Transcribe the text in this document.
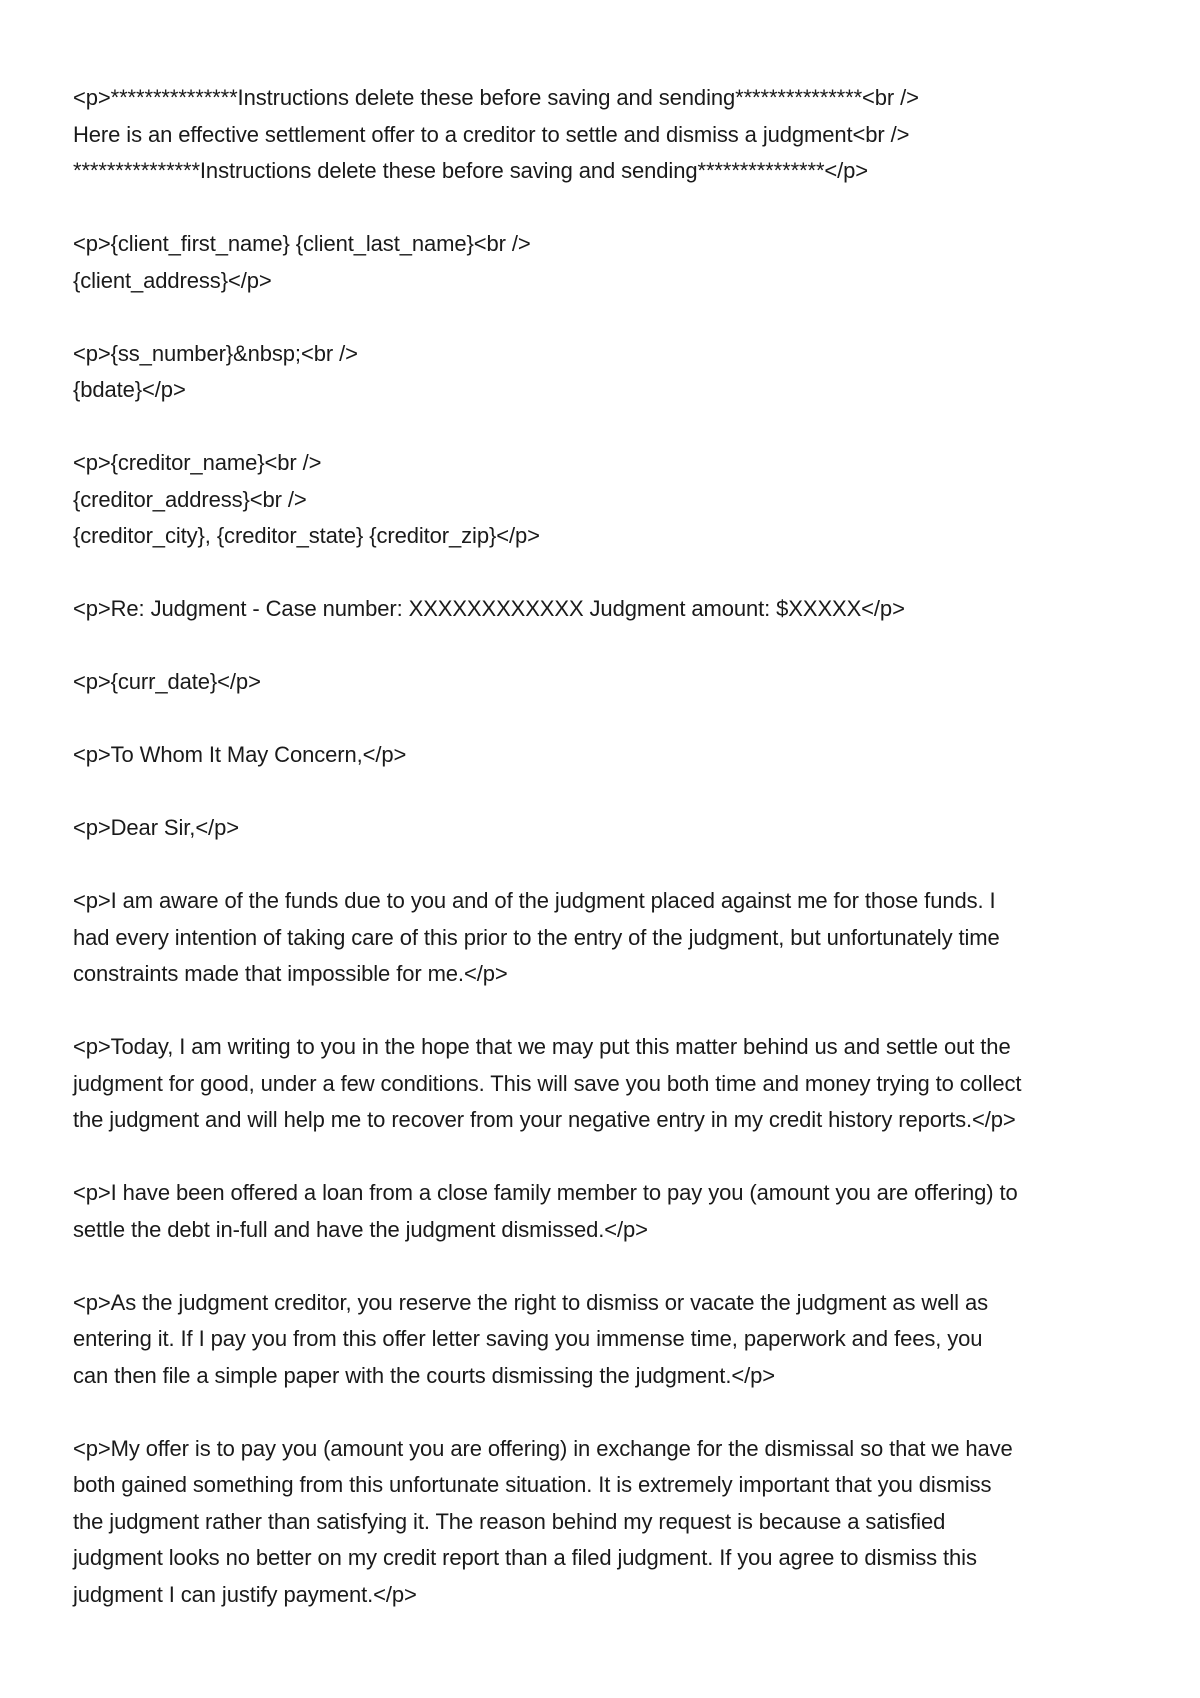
<p>***************Instructions delete these before saving and sending***************<br />
Here is an effective settlement offer to a creditor to settle and dismiss a judgment<br />
***************Instructions delete these before saving and sending***************</p>
<p>{client_first_name} {client_last_name}<br />
{client_address}</p>
<p>{ss_number}&nbsp;<br />
{bdate}</p>
<p>{creditor_name}<br />
{creditor_address}<br />
{creditor_city}, {creditor_state} {creditor_zip}</p>
<p>Re: Judgment - Case number: XXXXXXXXXXXX Judgment amount: $XXXXX</p>
<p>{curr_date}</p>
<p>To Whom It May Concern,</p>
<p>Dear Sir,</p>
<p>I am aware of the funds due to you and of the judgment placed against me for those funds. I
had every intention of taking care of this prior to the entry of the judgment, but unfortunately time
constraints made that impossible for me.</p>
<p>Today, I am writing to you in the hope that we may put this matter behind us and settle out the
judgment for good, under a few conditions. This will save you both time and money trying to collect
the judgment and will help me to recover from your negative entry in my credit history reports.</p>
<p>I have been offered a loan from a close family member to pay you (amount you are offering) to
settle the debt in-full and have the judgment dismissed.</p>
<p>As the judgment creditor, you reserve the right to dismiss or vacate the judgment as well as
entering it. If I pay you from this offer letter saving you immense time, paperwork and fees, you
can then file a simple paper with the courts dismissing the judgment.</p>
<p>My offer is to pay you (amount you are offering) in exchange for the dismissal so that we have
both gained something from this unfortunate situation. It is extremely important that you dismiss
the judgment rather than satisfying it. The reason behind my request is because a satisfied
judgment looks no better on my credit report than a filed judgment. If you agree to dismiss this
judgment I can justify payment.</p>
